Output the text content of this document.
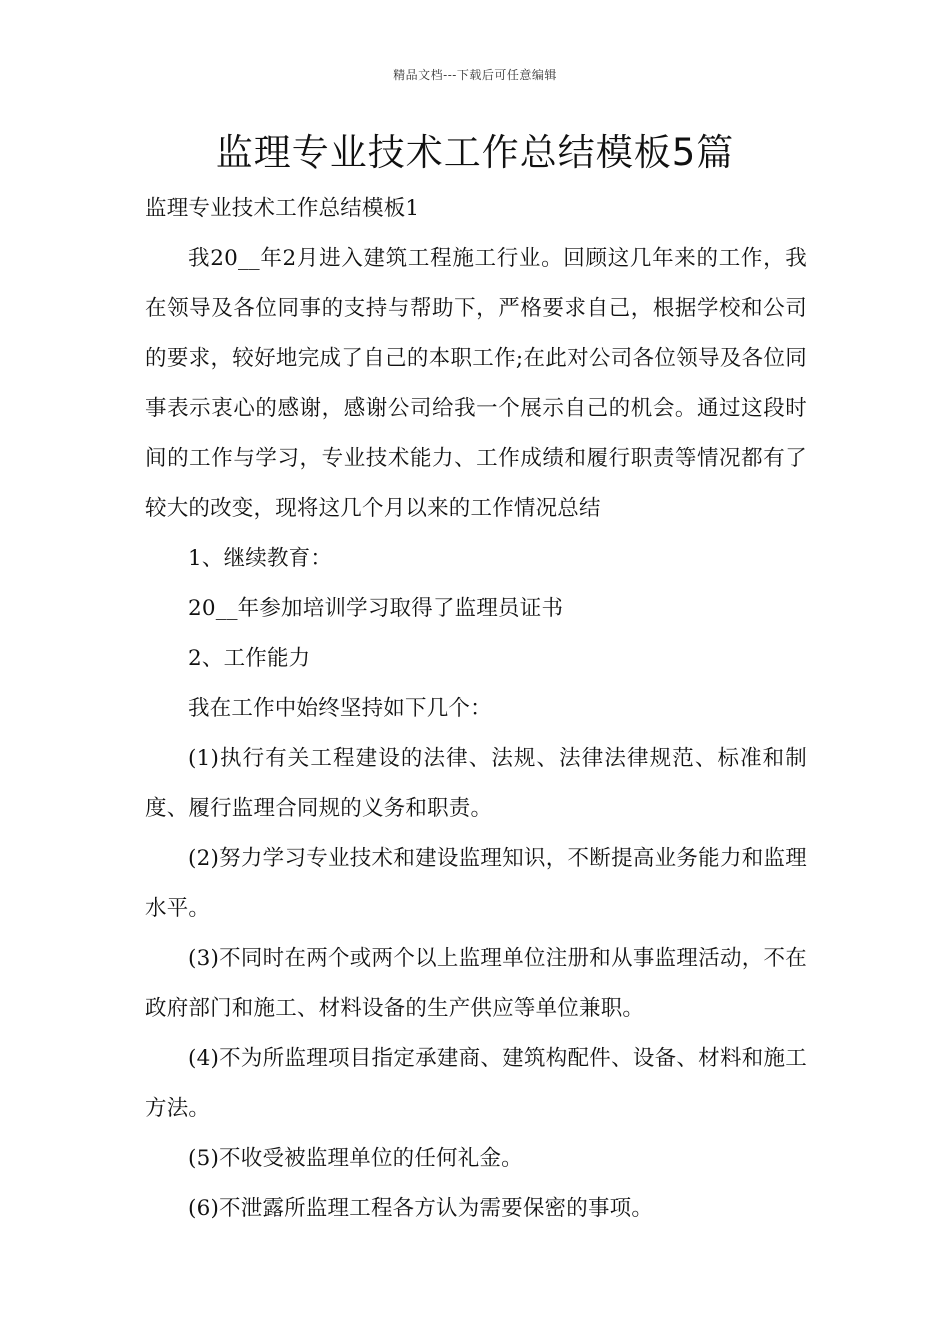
精品文档---下载后可任意编辑
监理专业技术工作总结模板5篇

监理专业技术工作总结模板1

我20__年2月进入建筑工程施工行业。回顾这几年来的工作，我在领导及各位同事的支持与帮助下，严格要求自己，根据学校和公司的要求，较好地完成了自己的本职工作;在此对公司各位领导及各位同事表示衷心的感谢，感谢公司给我一个展示自己的机会。通过这段时间的工作与学习，专业技术能力、工作成绩和履行职责等情况都有了较大的改变，现将这几个月以来的工作情况总结

1、继续教育：

20__年参加培训学习取得了监理员证书

2、工作能力

我在工作中始终坚持如下几个：

(1)执行有关工程建设的法律、法规、法律法律规范、标准和制度、履行监理合同规的义务和职责。

(2)努力学习专业技术和建设监理知识，不断提高业务能力和监理水平。

(3)不同时在两个或两个以上监理单位注册和从事监理活动，不在政府部门和施工、材料设备的生产供应等单位兼职。

(4)不为所监理项目指定承建商、建筑构配件、设备、材料和施工方法。

(5)不收受被监理单位的任何礼金。

(6)不泄露所监理工程各方认为需要保密的事项。
